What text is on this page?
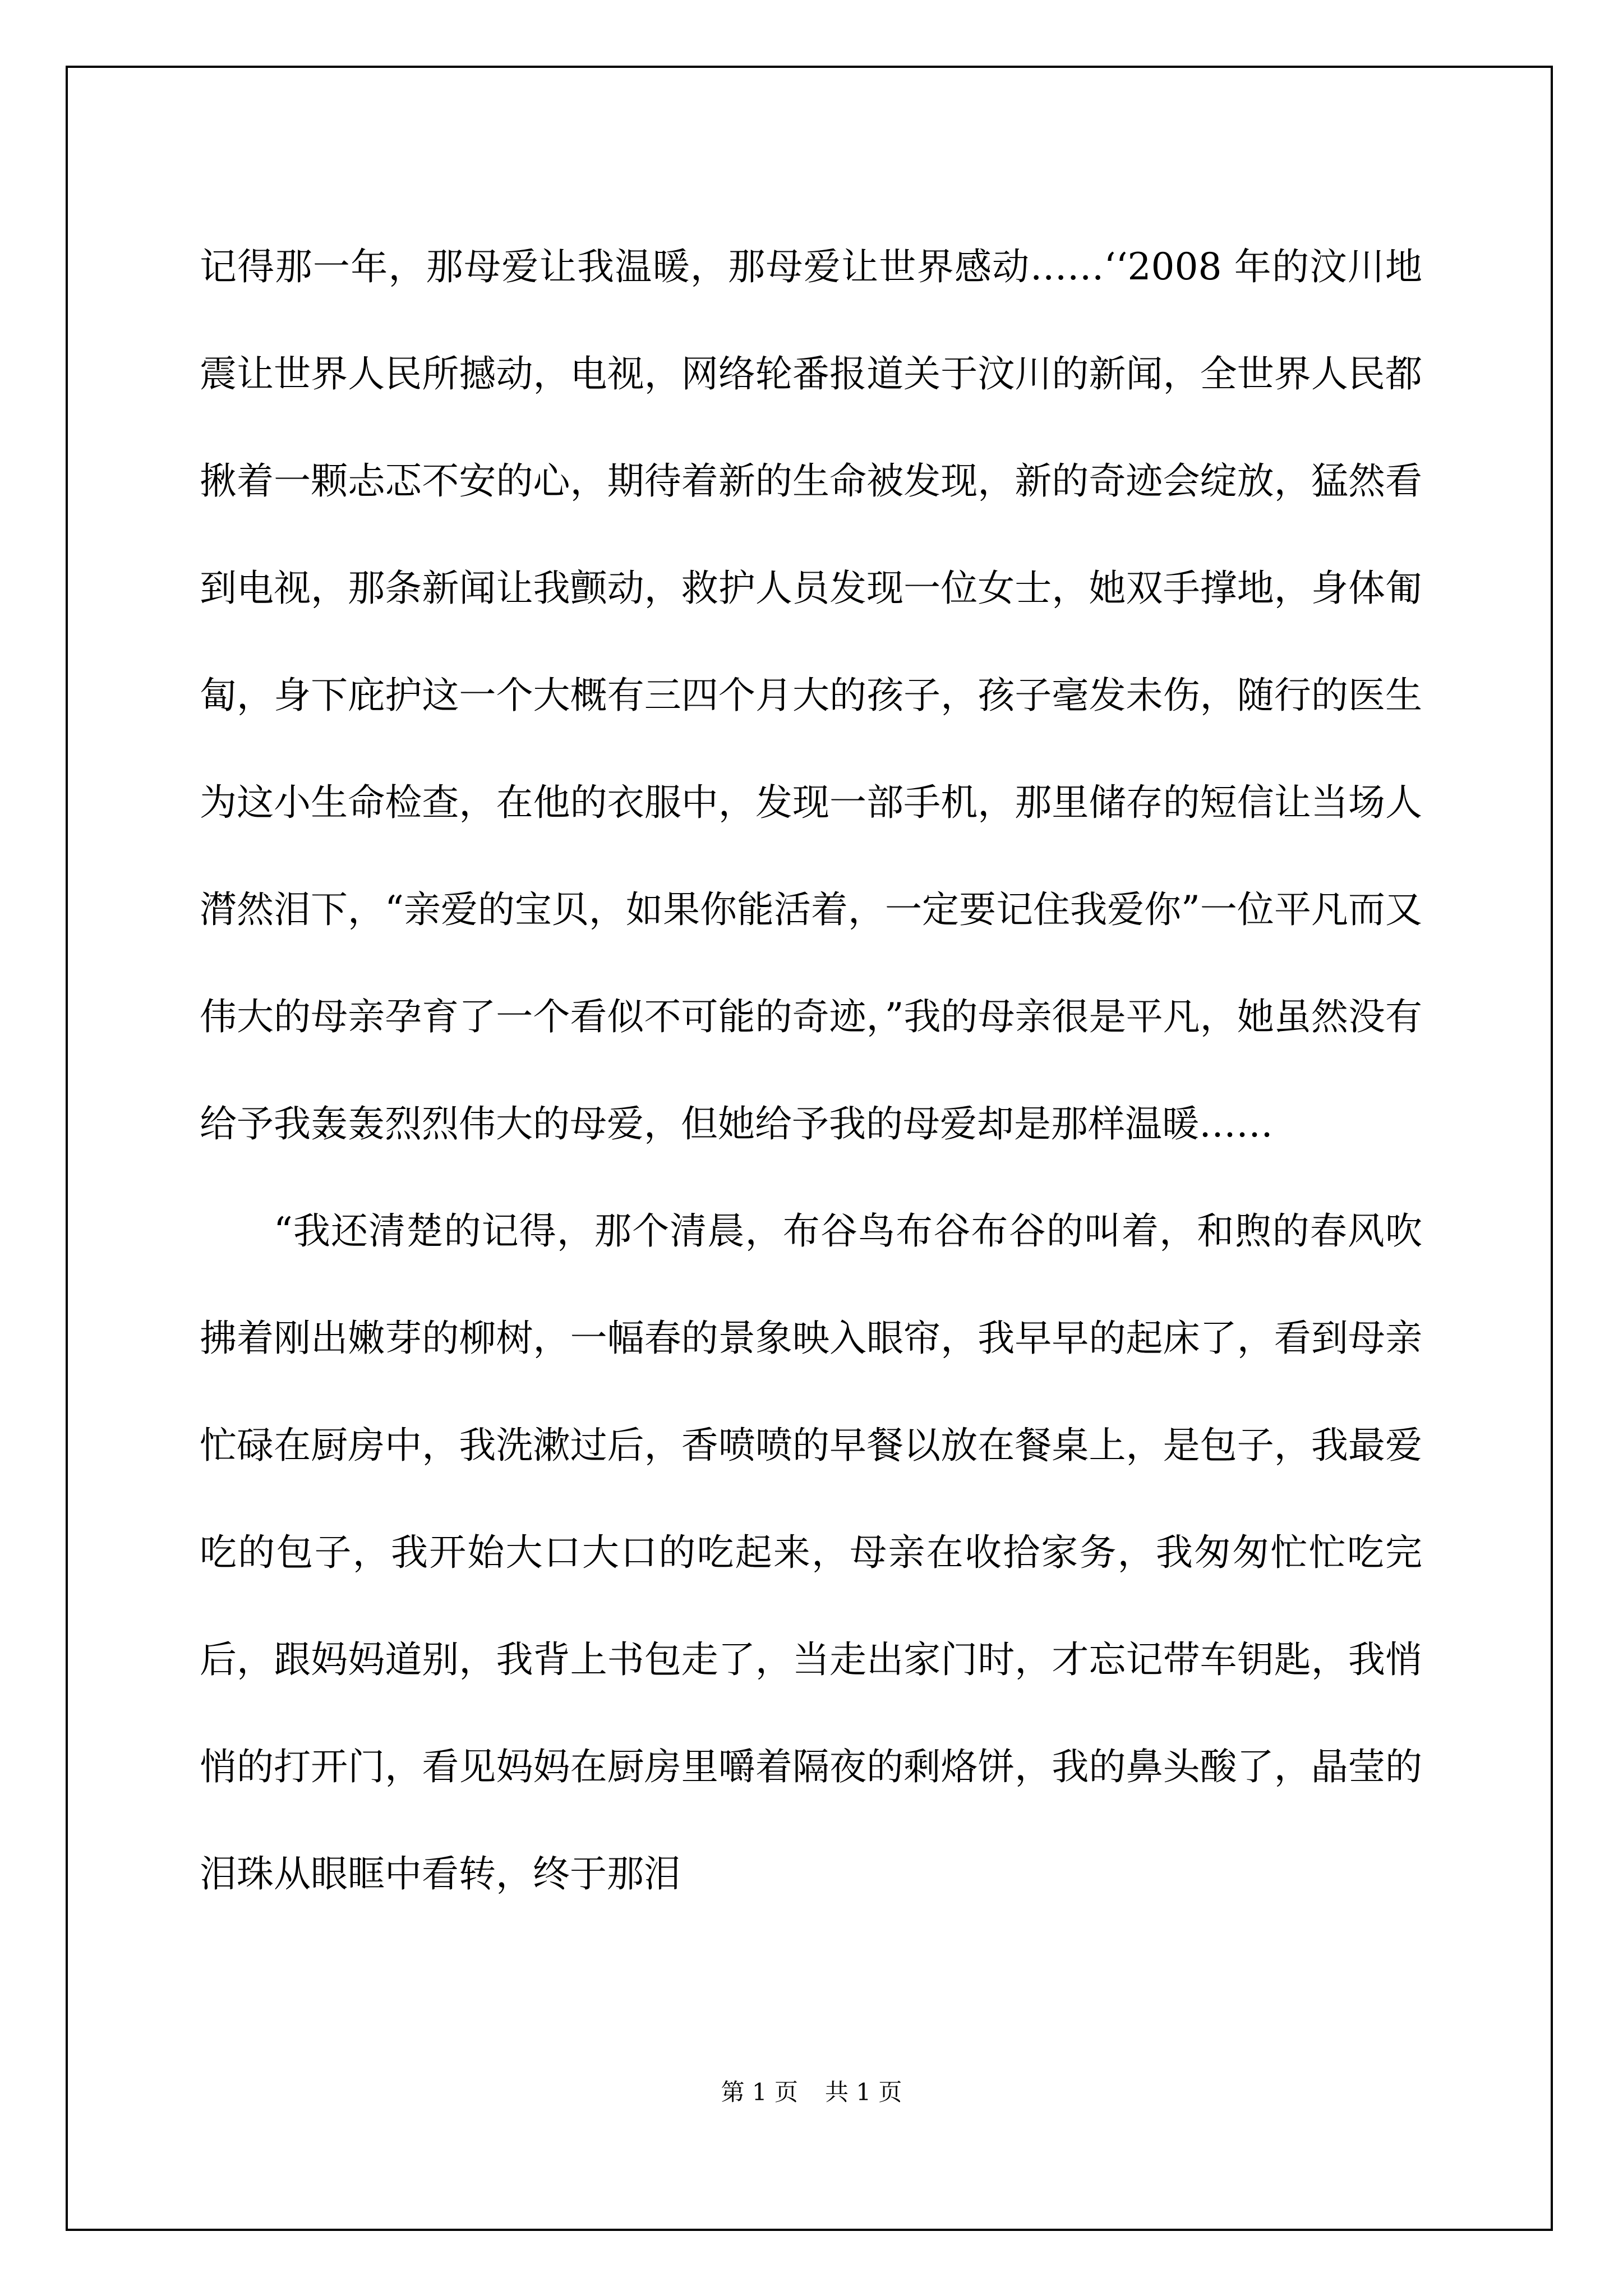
记得那一年，那母爱让我温暖，那母爱让世界感动……‘‘2008 年的汶川地震让世界人民所撼动，电视，网络轮番报道关于汶川的新闻，全世界人民都揪着一颗忐忑不安的心，期待着新的生命被发现，新的奇迹会绽放，猛然看到电视，那条新闻让我颤动，救护人员发现一位女士，她双手撑地，身体匍匐，身下庇护这一个大概有三四个月大的孩子，孩子毫发未伤，随行的医生为这小生命检查，在他的衣服中，发现一部手机，那里储存的短信让当场人潸然泪下，“亲爱的宝贝，如果你能活着，一定要记住我爱你”一位平凡而又伟大的母亲孕育了一个看似不可能的奇迹，”我的母亲很是平凡，她虽然没有给予我轰轰烈烈伟大的母爱，但她给予我的母爱却是那样温暖……

“我还清楚的记得，那个清晨，布谷鸟布谷布谷的叫着，和煦的春风吹拂着刚出嫩芽的柳树，一幅春的景象映入眼帘，我早早的起床了，看到母亲忙碌在厨房中，我洗漱过后，香喷喷的早餐以放在餐桌上，是包子，我最爱吃的包子，我开始大口大口的吃起来，母亲在收拾家务，我匆匆忙忙吃完后，跟妈妈道别，我背上书包走了，当走出家门时，才忘记带车钥匙，我悄悄的打开门，看见妈妈在厨房里嚼着隔夜的剩烙饼，我的鼻头酸了，晶莹的泪珠从眼眶中看转，终于那泪

第 1 页 共 1 页
